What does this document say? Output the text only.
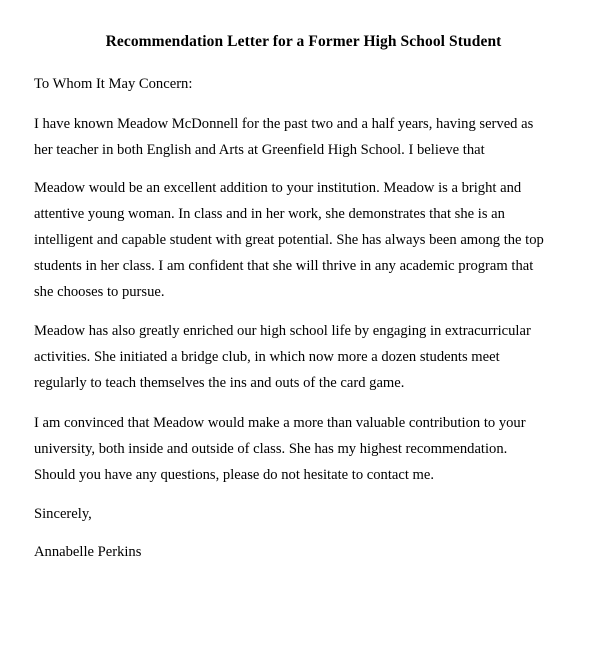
Recommendation Letter for a Former High School Student
To Whom It May Concern:
I have known Meadow McDonnell for the past two and a half years, having served as
her teacher in both English and Arts at Greenfield High School. I believe that
Meadow would be an excellent addition to your institution. Meadow is a bright and
attentive young woman. In class and in her work, she demonstrates that she is an
intelligent and capable student with great potential. She has always been among the top
students in her class. I am confident that she will thrive in any academic program that
she chooses to pursue.
Meadow has also greatly enriched our high school life by engaging in extracurricular
activities. She initiated a bridge club, in which now more a dozen students meet
regularly to teach themselves the ins and outs of the card game.
I am convinced that Meadow would make a more than valuable contribution to your
university, both inside and outside of class. She has my highest recommendation.
Should you have any questions, please do not hesitate to contact me.
Sincerely,
Annabelle Perkins
